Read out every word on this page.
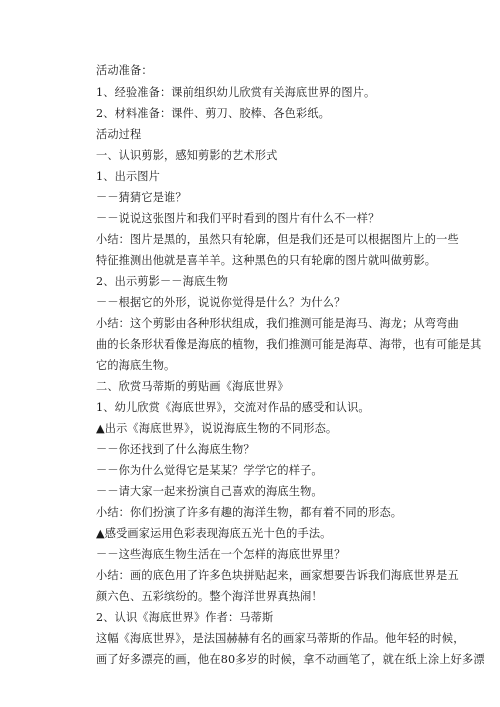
活动准备：
1、经验准备：课前组织幼儿欣赏有关海底世界的图片。
2、材料准备：课件、剪刀、胶棒、各色彩纸。
活动过程
一、认识剪影，感知剪影的艺术形式
1、出示图片
－－猜猜它是谁？
－－说说这张图片和我们平时看到的图片有什么不一样？
小结：图片是黑的，虽然只有轮廓，但是我们还是可以根据图片上的一些
特征推测出他就是喜羊羊。这种黑色的只有轮廓的图片就叫做剪影。
2、出示剪影－－海底生物
－－根据它的外形，说说你觉得是什么？为什么？
小结：这个剪影由各种形状组成，我们推测可能是海马、海龙；从弯弯曲
曲的长条形状看像是海底的植物，我们推测可能是海草、海带，也有可能是其
它的海底生物。
二、欣赏马蒂斯的剪贴画《海底世界》
1、幼儿欣赏《海底世界》，交流对作品的感受和认识。
▲出示《海底世界》，说说海底生物的不同形态。
－－你还找到了什么海底生物？
－－你为什么觉得它是某某？学学它的样子。
－－请大家一起来扮演自己喜欢的海底生物。
小结：你们扮演了许多有趣的海洋生物，都有着不同的形态。
▲感受画家运用色彩表现海底五光十色的手法。
－－这些海底生物生活在一个怎样的海底世界里？
小结：画的底色用了许多色块拼贴起来，画家想要告诉我们海底世界是五
颜六色、五彩缤纷的。整个海洋世界真热闹！
2、认识《海底世界》作者：马蒂斯
这幅《海底世界》，是法国赫赫有名的画家马蒂斯的作品。他年轻的时候，
画了好多漂亮的画，他在80多岁的时候，拿不动画笔了，就在纸上涂上好多漂
